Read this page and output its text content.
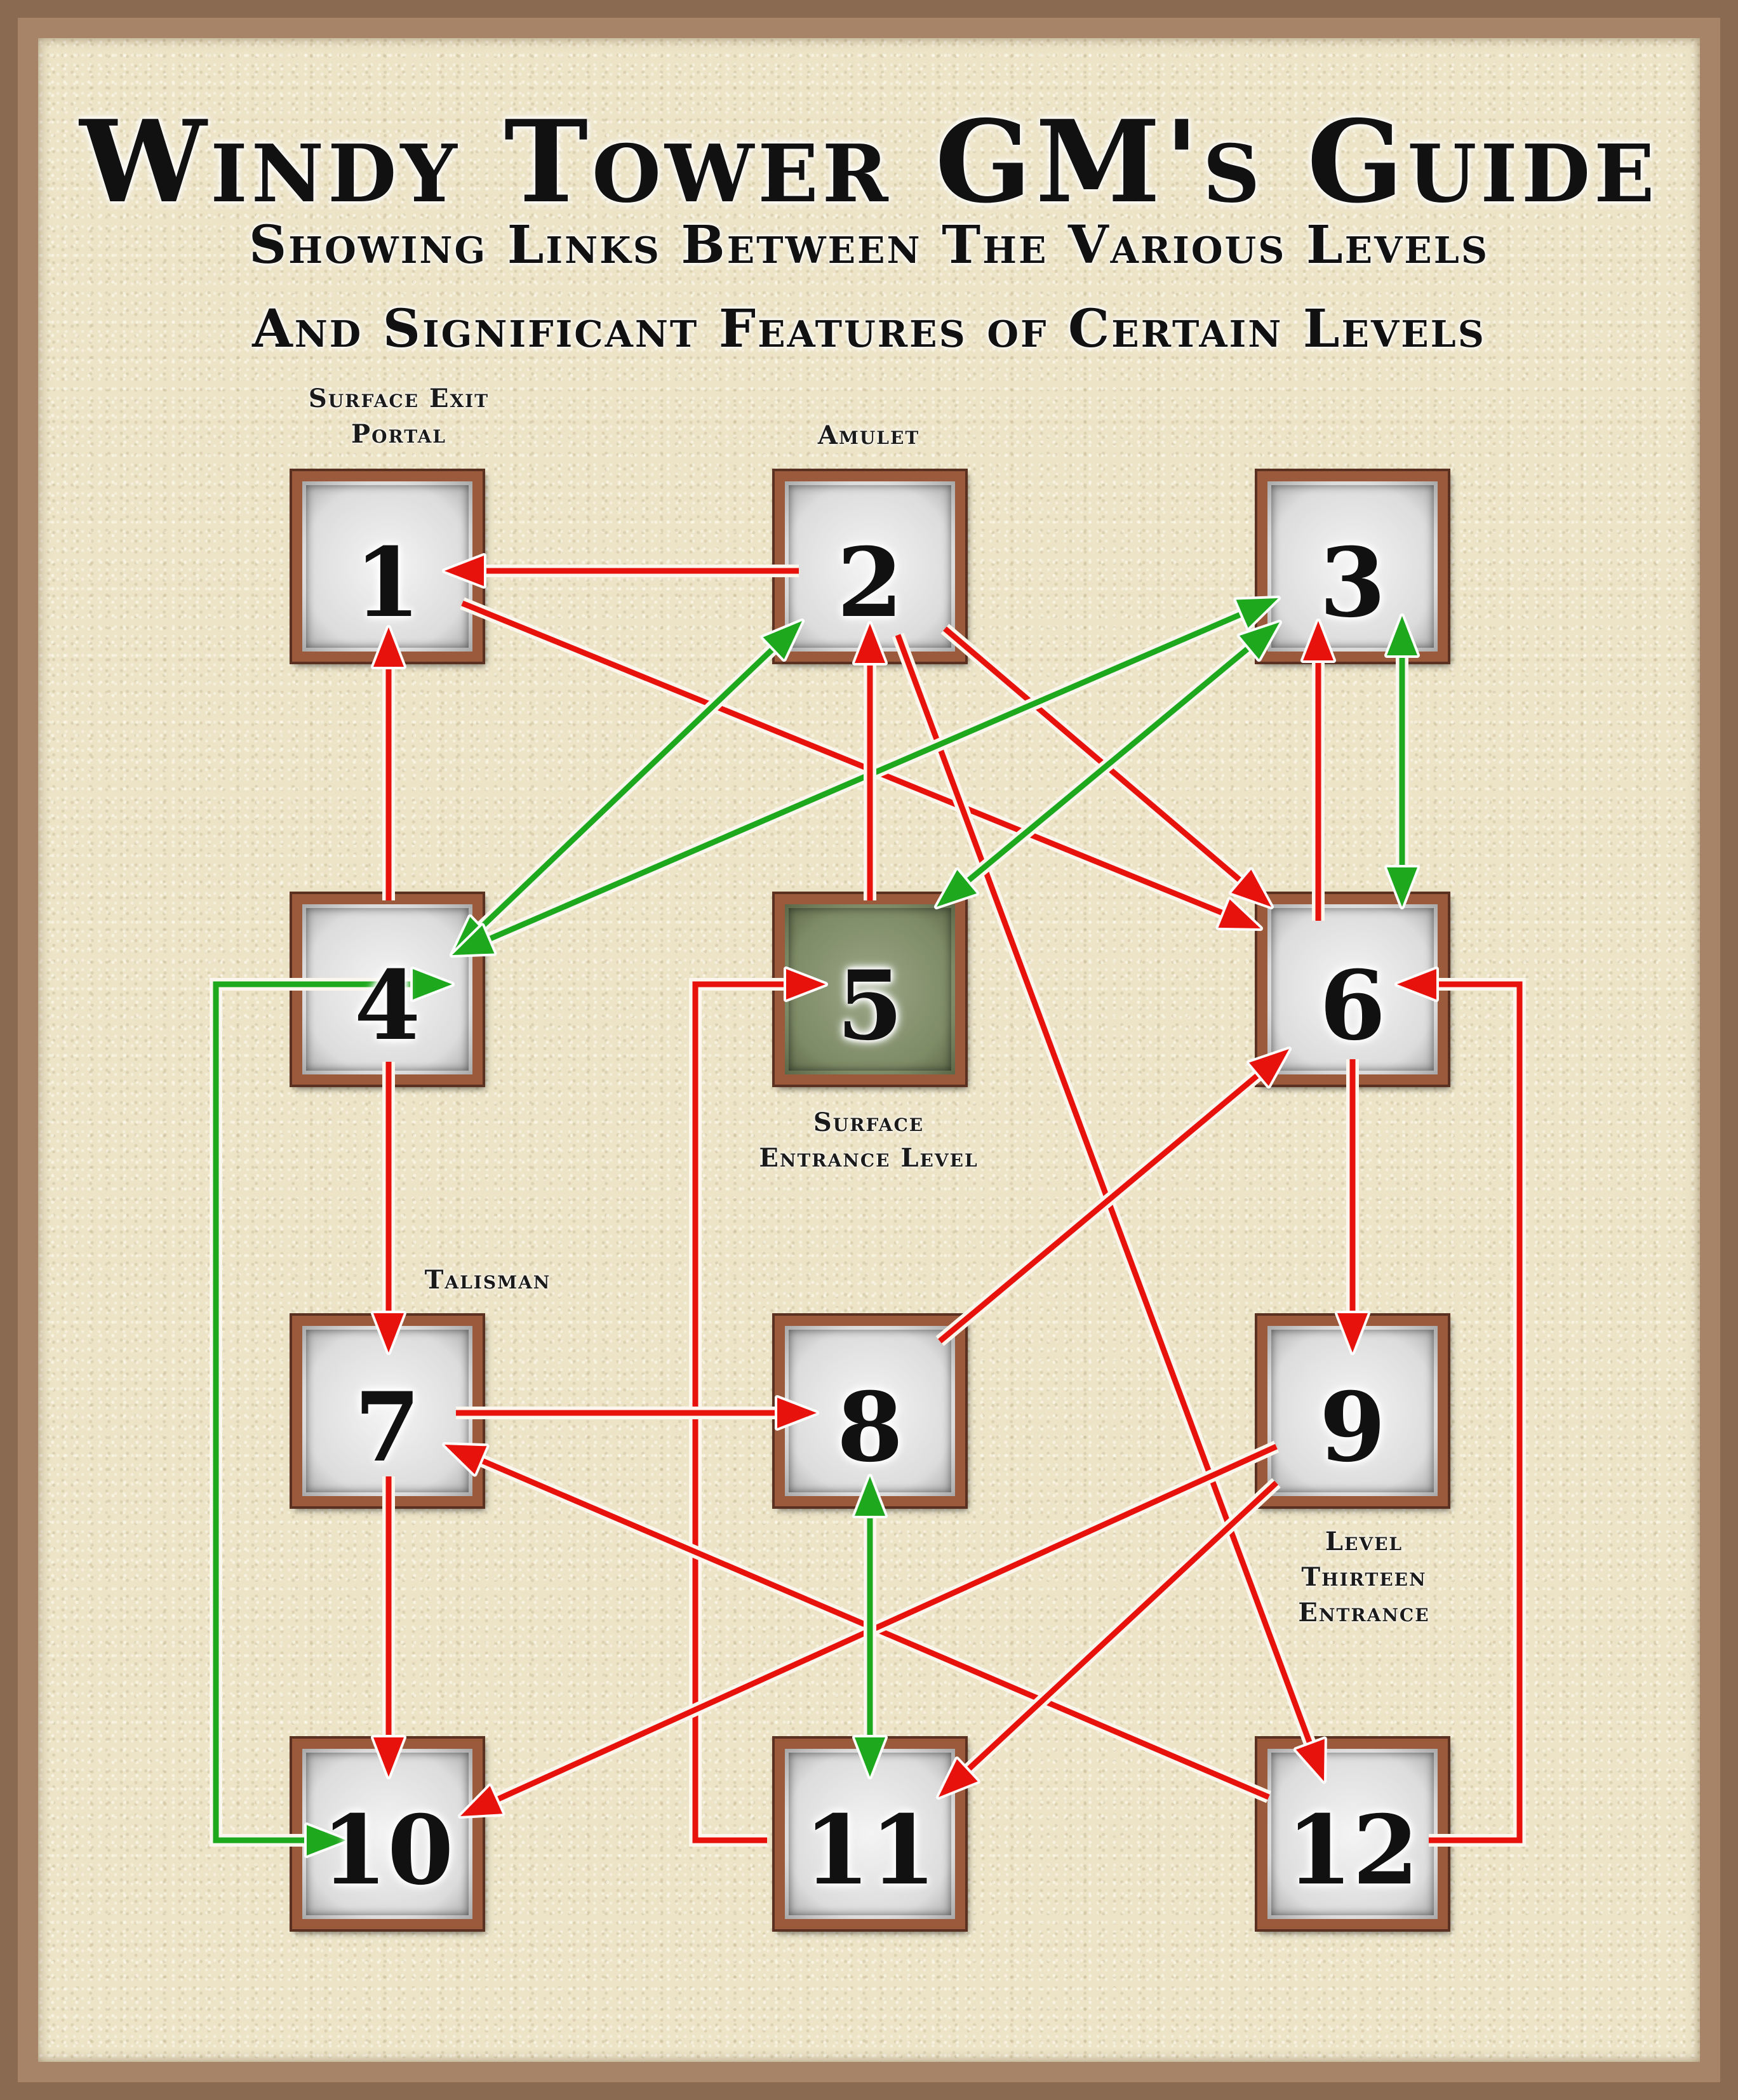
Windy Tower GM's Guide
Showing Links Between The Various Levels
And Significant Features of Certain Levels
Surface Exit
Portal	Amulet
Surface
Entrance Level
Talisman
Level
Thirteen
Entrance
1	2	3
4	5	6
7	8	9
10	11	12
